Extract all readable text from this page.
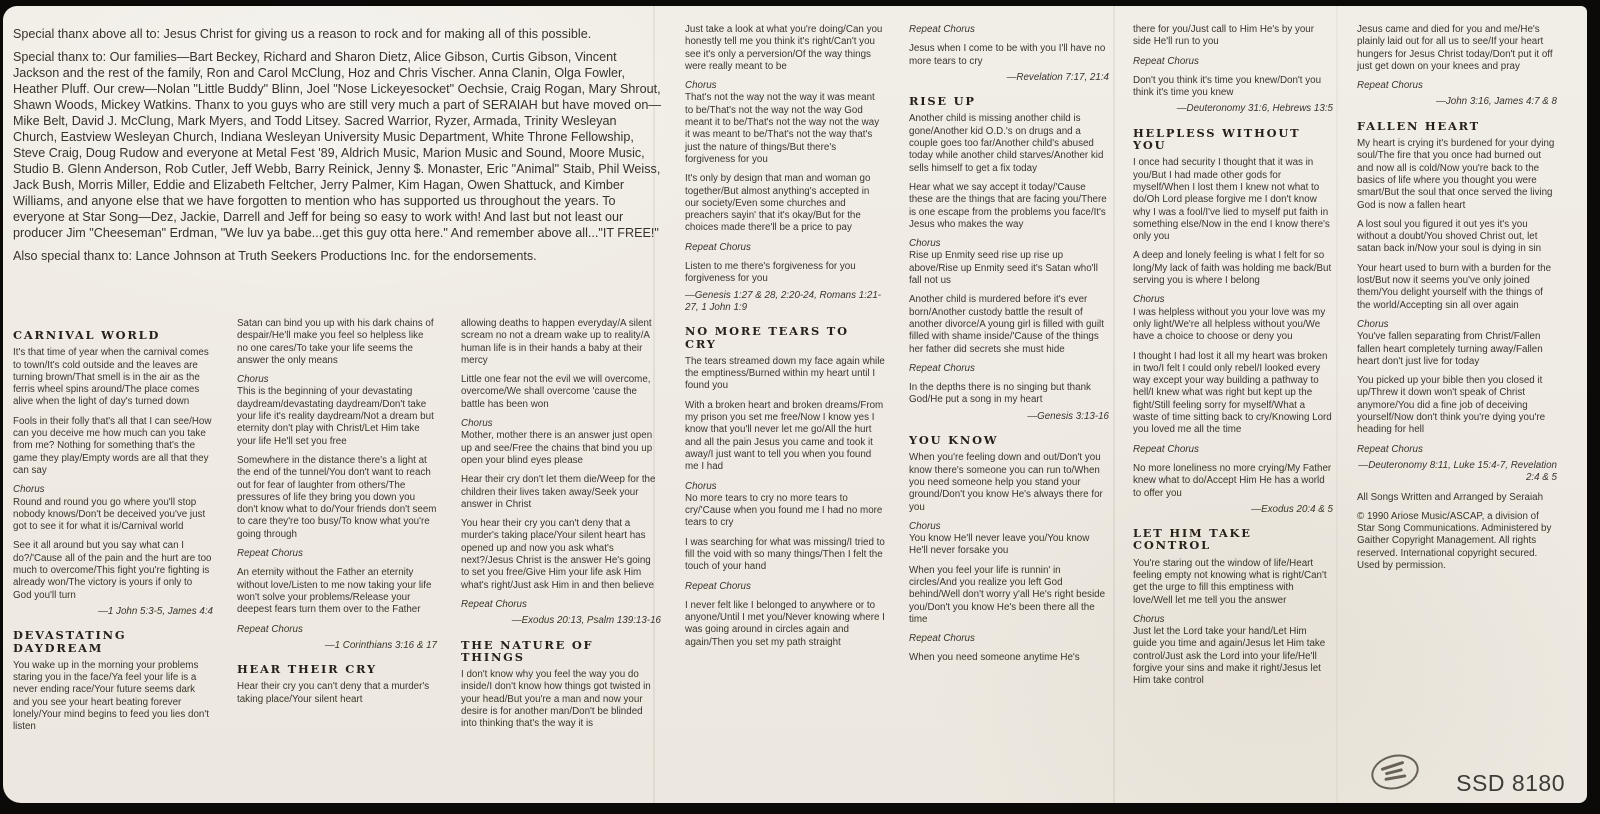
Special thanx above all to: Jesus Christ for giving us a reason to rock and for making all of this possible.

Special thanx to: Our families—Bart Beckey, Richard and Sharon Dietz, Alice Gibson, Curtis Gibson, Vincent Jackson and the rest of the family, Ron and Carol McClung, Hoz and Chris Vischer. Anna Clanin, Olga Fowler, Heather Pluff. Our crew—Nolan "Little Buddy" Blinn, Joel "Nose Lickeyesocket" Oechsie, Craig Rogan, Mary Shrout, Shawn Woods, Mickey Watkins. Thanx to you guys who are still very much a part of SERAIAH but have moved on—Mike Belt, David J. McClung, Mark Myers, and Todd Litsey. Sacred Warrior, Ryzer, Armada, Trinity Wesleyan Church, Eastview Wesleyan Church, Indiana Wesleyan University Music Department, White Throne Fellowship, Steve Craig, Doug Rudow and everyone at Metal Fest '89, Aldrich Music, Marion Music and Sound, Moore Music, Studio B. Glenn Anderson, Rob Cutler, Jeff Webb, Barry Reinick, Jenny $. Monaster, Eric "Animal" Staib, Phil Weiss, Jack Bush, Morris Miller, Eddie and Elizabeth Feltcher, Jerry Palmer, Kim Hagan, Owen Shattuck, and Kimber Williams, and anyone else that we have forgotten to mention who has supported us throughout the years. To everyone at Star Song—Dez, Jackie, Darrell and Jeff for being so easy to work with! And last but not least our producer Jim "Cheeseman" Erdman, "We luv ya babe...get this guy otta here." And remember above all..."IT FREE!"

Also special thanx to: Lance Johnson at Truth Seekers Productions Inc. for the endorsements.

CARNIVAL WORLD
It's that time of year when the carnival comes to town/It's cold outside and the leaves are turning brown/That smell is in the air as the ferris wheel spins around/The place comes alive when the light of day's turned down
Fools in their folly that's all that I can see/How can you deceive me how much can you take from me? Nothing for something that's the game they play/Empty words are all that they can say
Chorus
Round and round you go where you'll stop nobody knows/Don't be deceived you've just got to see it for what it is/Carnival world
See it all around but you say what can I do?/'Cause all of the pain and the hurt are too much to overcome/This fight you're fighting is already won/The victory is yours if only to God you'll turn
—1 John 5:3-5, James 4:4
DEVASTATING DAYDREAM
You wake up in the morning your problems staring you in the face/Ya feel your life is a never ending race/Your future seems dark and you see your heart beating forever lonely/Your mind begins to feed you lies don't listen
Satan can bind you up with his dark chains of despair/He'll make you feel so helpless like no one cares/To take your life seems the answer the only means
Chorus
This is the beginning of your devastating daydream/devastating daydream/Don't take your life it's reality daydream/Not a dream but eternity don't play with Christ/Let Him take your life He'll set you free
Somewhere in the distance there's a light at the end of the tunnel/You don't want to reach out for fear of laughter from others/The pressures of life they bring you down you don't know what to do/Your friends don't seem to care they're too busy/To know what you're going through
Repeat Chorus
An eternity without the Father an eternity without love/Listen to me now taking your life won't solve your problems/Release your deepest fears turn them over to the Father
Repeat Chorus
—1 Corinthians 3:16 & 17
HEAR THEIR CRY
Hear their cry you can't deny that a murder's taking place/Your silent heart
allowing deaths to happen everyday/A silent scream no not a dream wake up to reality/A human life is in their hands a baby at their mercy
Little one fear not the evil we will overcome, overcome/We shall overcome 'cause the battle has been won
Chorus
Mother, mother there is an answer just open up and see/Free the chains that bind you up open your blind eyes please
Hear their cry don't let them die/Weep for the children their lives taken away/Seek your answer in Christ
You hear their cry you can't deny that a murder's taking place/Your silent heart has opened up and now you ask what's next?/Jesus Christ is the answer He's going to set you free/Give Him your life ask Him what's right/Just ask Him in and then believe
Repeat Chorus
—Exodus 20:13, Psalm 139:13-16
THE NATURE OF THINGS
I don't know why you feel the way you do inside/I don't know how things got twisted in your head/But you're a man and now your desire is for another man/Don't be blinded into thinking that's the way it is
Just take a look at what you're doing/Can you honestly tell me you think it's right/Can't you see it's only a perversion/Of the way things were really meant to be
Chorus
That's not the way not the way it was meant to be/That's not the way not the way God meant it to be/That's not the way not the way it was meant to be/That's not the way that's just the nature of things/But there's forgiveness for you
It's only by design that man and woman go together/But almost anything's accepted in our society/Even some churches and preachers sayin' that it's okay/But for the choices made there'll be a price to pay
Repeat Chorus
Listen to me there's forgiveness for you forgiveness for you
—Genesis 1:27 & 28, 2:20-24, Romans 1:21-27, 1 John 1:9
NO MORE TEARS TO CRY
The tears streamed down my face again while the emptiness/Burned within my heart until I found you
With a broken heart and broken dreams/From my prison you set me free/Now I know yes I know that you'll never let me go/All the hurt and all the pain Jesus you came and took it away/I just want to tell you when you found me I had
Chorus
No more tears to cry no more tears to cry/'Cause when you found me I had no more tears to cry
I was searching for what was missing/I tried to fill the void with so many things/Then I felt the touch of your hand
Repeat Chorus
I never felt like I belonged to anywhere or to anyone/Until I met you/Never knowing where I was going around in circles again and again/Then you set my path straight
Repeat Chorus
Jesus when I come to be with you I'll have no more tears to cry
—Revelation 7:17, 21:4
RISE UP
Another child is missing another child is gone/Another kid O.D.'s on drugs and a couple goes too far/Another child's abused today while another child starves/Another kid sells himself to get a fix today
Hear what we say accept it today/'Cause these are the things that are facing you/There is one escape from the problems you face/It's Jesus who makes the way
Chorus
Rise up Enmity seed rise up rise up above/Rise up Enmity seed it's Satan who'll fall not us
Another child is murdered before it's ever born/Another custody battle the result of another divorce/A young girl is filled with guilt filled with shame inside/'Cause of the things her father did secrets she must hide
Repeat Chorus
In the depths there is no singing but thank God/He put a song in my heart
—Genesis 3:13-16
YOU KNOW
When you're feeling down and out/Don't you know there's someone you can run to/When you need someone help you stand your ground/Don't you know He's always there for you
Chorus
You know He'll never leave you/You know He'll never forsake you
When you feel your life is runnin' in circles/And you realize you left God behind/Well don't worry y'all He's right beside you/Don't you know He's been there all the time
Repeat Chorus
When you need someone anytime He's
there for you/Just call to Him He's by your side He'll run to you
Repeat Chorus
Don't you think it's time you knew/Don't you think it's time you knew
—Deuteronomy 31:6, Hebrews 13:5
HELPLESS WITHOUT YOU
I once had security I thought that it was in you/But I had made other gods for myself/When I lost them I knew not what to do/Oh Lord please forgive me I don't know why I was a fool/I've lied to myself put faith in something else/Now in the end I know there's only you
A deep and lonely feeling is what I felt for so long/My lack of faith was holding me back/But serving you is where I belong
Chorus
I was helpless without you your love was my only light/We're all helpless without you/We have a choice to choose or deny you
I thought I had lost it all my heart was broken in two/I felt I could only rebel/I looked every way except your way building a pathway to hell/I knew what was right but kept up the fight/Still feeling sorry for myself/What a waste of time sitting back to cry/Knowing Lord you loved me all the time
Repeat Chorus
No more loneliness no more crying/My Father knew what to do/Accept Him He has a world to offer you
—Exodus 20:4 & 5
LET HIM TAKE CONTROL
You're staring out the window of life/Heart feeling empty not knowing what is right/Can't get the urge to fill this emptiness with love/Well let me tell you the answer
Chorus
Just let the Lord take your hand/Let Him guide you time and again/Jesus let Him take control/Just ask the Lord into your life/He'll forgive your sins and make it right/Jesus let Him take control
Jesus came and died for you and me/He's plainly laid out for all us to see/If your heart hungers for Jesus Christ today/Don't put it off just get down on your knees and pray
Repeat Chorus
—John 3:16, James 4:7 & 8
FALLEN HEART
My heart is crying it's burdened for your dying soul/The fire that you once had burned out and now all is cold/Now you're back to the basics of life where you thought you were smart/But the soul that once served the living God is now a fallen heart
A lost soul you figured it out yes it's you without a doubt/You shoved Christ out, let satan back in/Now your soul is dying in sin
Your heart used to burn with a burden for the lost/But now it seems you've only joined them/You delight yourself with the things of the world/Accepting sin all over again
Chorus
You've fallen separating from Christ/Fallen fallen heart completely turning away/Fallen heart don't just live for today
You picked up your bible then you closed it up/Threw it down won't speak of Christ anymore/You did a fine job of deceiving yourself/Now don't think you're dying you're heading for hell
Repeat Chorus
—Deuteronomy 8:11, Luke 15:4-7, Revelation 2:4 & 5
All Songs Written and Arranged by Seraiah
© 1990 Ariose Music/ASCAP, a division of Star Song Communications. Administered by Gaither Copyright Management. All rights reserved. International copyright secured. Used by permission.
SSD 8180
